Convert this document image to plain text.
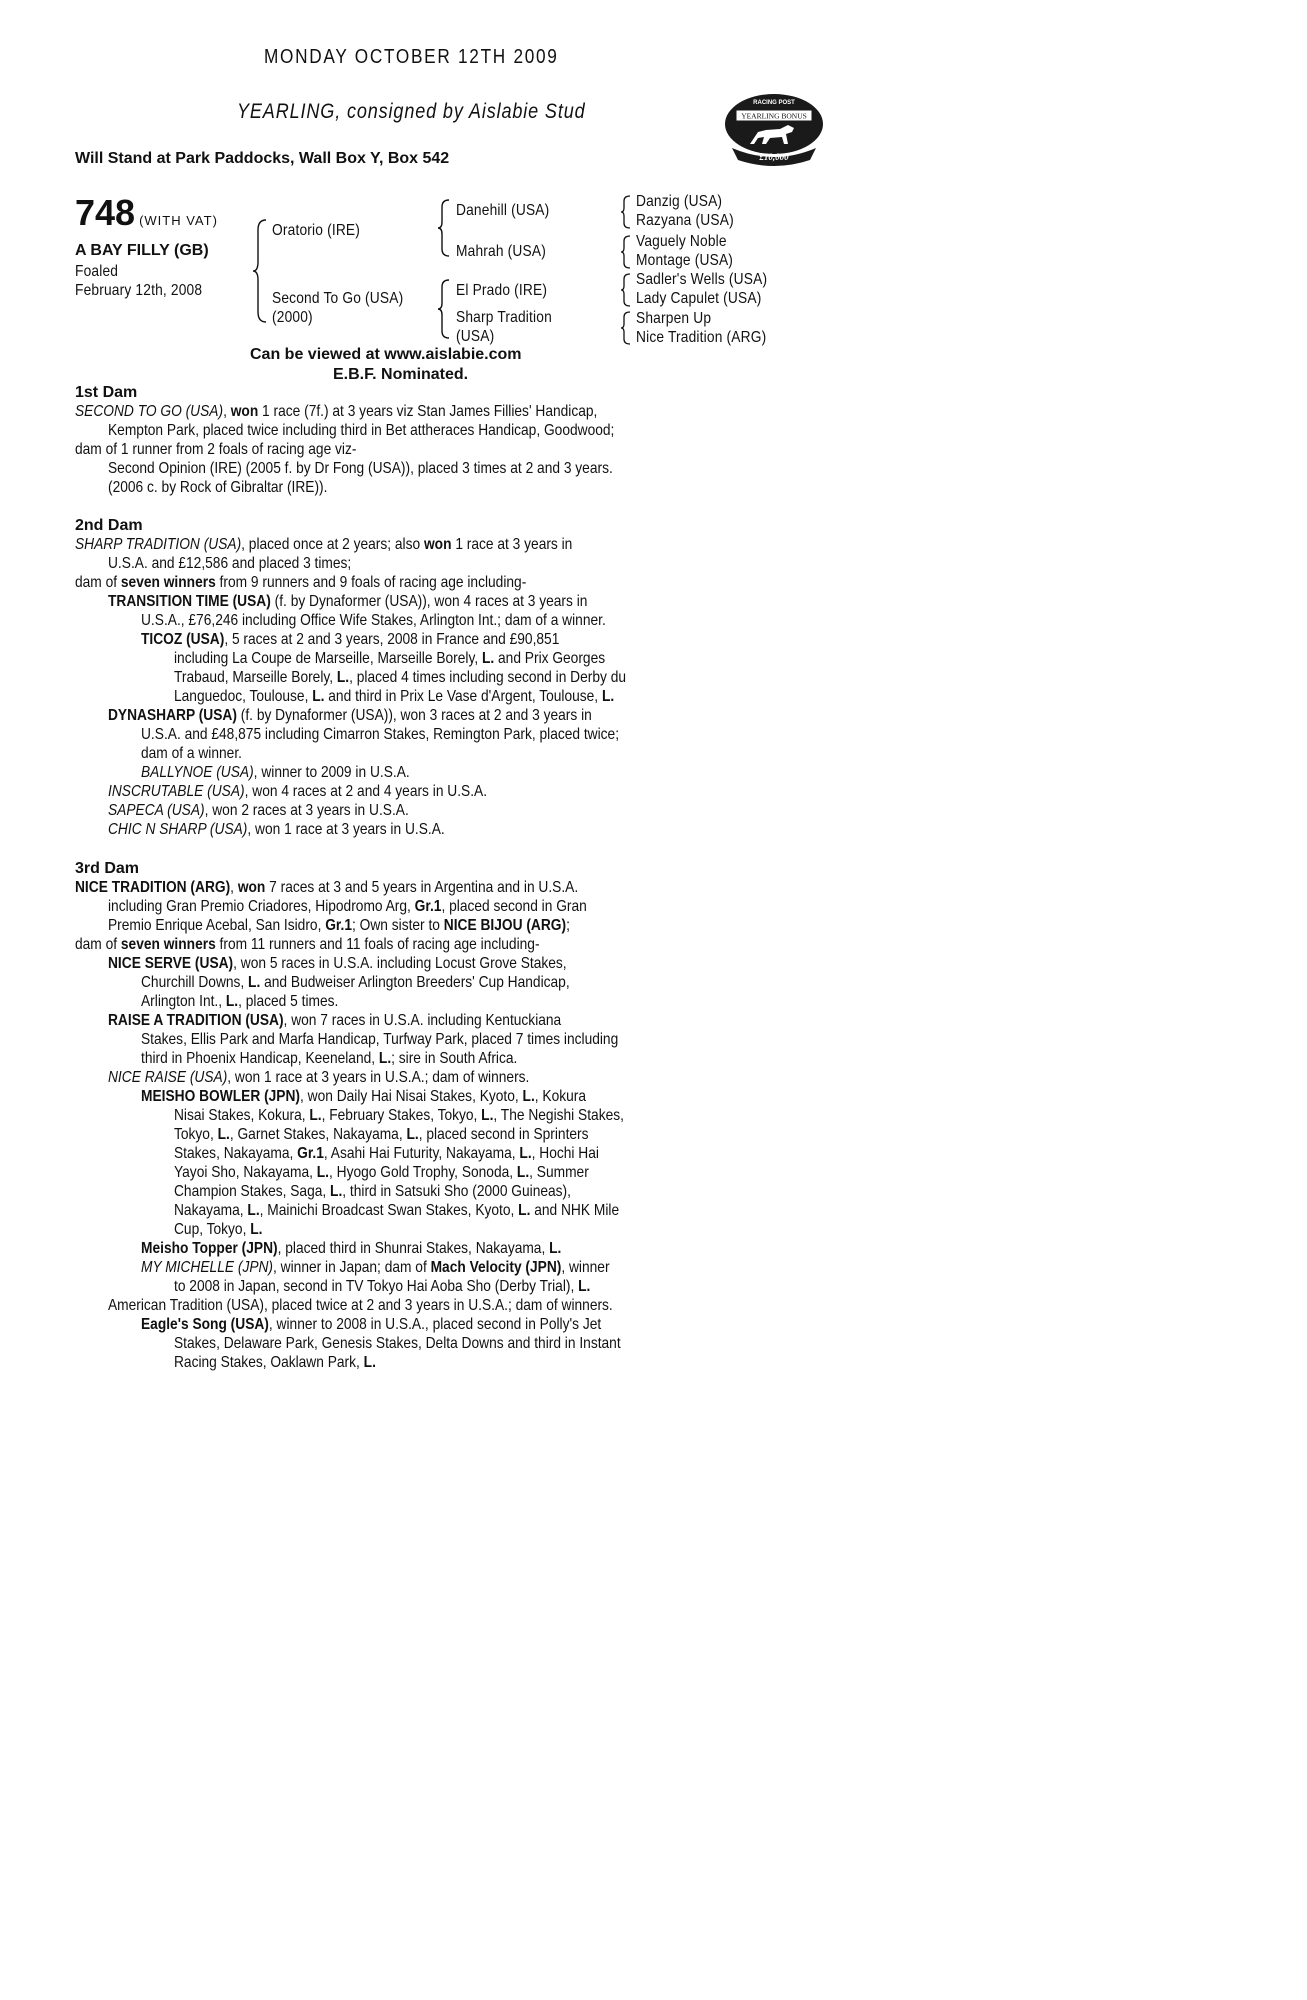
MONDAY OCTOBER 12TH 2009
YEARLING, consigned by Aislabie Stud
Will Stand at Park Paddocks, Wall Box Y, Box 542
RACING POST
YEARLING BONUS
£10,000
748 (WITH VAT)
A BAY FILLY (GB)
Foaled
February 12th, 2008
Oratorio (IRE)
Second To Go (USA)
(2000)
Danehill (USA)
Mahrah (USA)
El Prado (IRE)
Sharp Tradition
(USA)
Danzig (USA)
Razyana (USA)
Vaguely Noble
Montage (USA)
Sadler's Wells (USA)
Lady Capulet (USA)
Sharpen Up
Nice Tradition (ARG)
Can be viewed at www.aislabie.com
E.B.F. Nominated.
1st Dam
SECOND TO GO (USA), won 1 race (7f.) at 3 years viz Stan James Fillies' Handicap,
Kempton Park, placed twice including third in Bet attheraces Handicap, Goodwood;
dam of 1 runner from 2 foals of racing age viz-
Second Opinion (IRE) (2005 f. by Dr Fong (USA)), placed 3 times at 2 and 3 years.
(2006 c. by Rock of Gibraltar (IRE)).
2nd Dam
SHARP TRADITION (USA), placed once at 2 years; also won 1 race at 3 years in
U.S.A. and £12,586 and placed 3 times;
dam of seven winners from 9 runners and 9 foals of racing age including-
TRANSITION TIME (USA) (f. by Dynaformer (USA)), won 4 races at 3 years in
U.S.A., £76,246 including Office Wife Stakes, Arlington Int.; dam of a winner.
TICOZ (USA), 5 races at 2 and 3 years, 2008 in France and £90,851
including La Coupe de Marseille, Marseille Borely, L. and Prix Georges
Trabaud, Marseille Borely, L., placed 4 times including second in Derby du
Languedoc, Toulouse, L. and third in Prix Le Vase d'Argent, Toulouse, L.
DYNASHARP (USA) (f. by Dynaformer (USA)), won 3 races at 2 and 3 years in
U.S.A. and £48,875 including Cimarron Stakes, Remington Park, placed twice;
dam of a winner.
BALLYNOE (USA), winner to 2009 in U.S.A.
INSCRUTABLE (USA), won 4 races at 2 and 4 years in U.S.A.
SAPECA (USA), won 2 races at 3 years in U.S.A.
CHIC N SHARP (USA), won 1 race at 3 years in U.S.A.
3rd Dam
NICE TRADITION (ARG), won 7 races at 3 and 5 years in Argentina and in U.S.A.
including Gran Premio Criadores, Hipodromo Arg, Gr.1, placed second in Gran
Premio Enrique Acebal, San Isidro, Gr.1; Own sister to NICE BIJOU (ARG);
dam of seven winners from 11 runners and 11 foals of racing age including-
NICE SERVE (USA), won 5 races in U.S.A. including Locust Grove Stakes,
Churchill Downs, L. and Budweiser Arlington Breeders' Cup Handicap,
Arlington Int., L., placed 5 times.
RAISE A TRADITION (USA), won 7 races in U.S.A. including Kentuckiana
Stakes, Ellis Park and Marfa Handicap, Turfway Park, placed 7 times including
third in Phoenix Handicap, Keeneland, L.; sire in South Africa.
NICE RAISE (USA), won 1 race at 3 years in U.S.A.; dam of winners.
MEISHO BOWLER (JPN), won Daily Hai Nisai Stakes, Kyoto, L., Kokura
Nisai Stakes, Kokura, L., February Stakes, Tokyo, L., The Negishi Stakes,
Tokyo, L., Garnet Stakes, Nakayama, L., placed second in Sprinters
Stakes, Nakayama, Gr.1, Asahi Hai Futurity, Nakayama, L., Hochi Hai
Yayoi Sho, Nakayama, L., Hyogo Gold Trophy, Sonoda, L., Summer
Champion Stakes, Saga, L., third in Satsuki Sho (2000 Guineas),
Nakayama, L., Mainichi Broadcast Swan Stakes, Kyoto, L. and NHK Mile
Cup, Tokyo, L.
Meisho Topper (JPN), placed third in Shunrai Stakes, Nakayama, L.
MY MICHELLE (JPN), winner in Japan; dam of Mach Velocity (JPN), winner
to 2008 in Japan, second in TV Tokyo Hai Aoba Sho (Derby Trial), L.
American Tradition (USA), placed twice at 2 and 3 years in U.S.A.; dam of winners.
Eagle's Song (USA), winner to 2008 in U.S.A., placed second in Polly's Jet
Stakes, Delaware Park, Genesis Stakes, Delta Downs and third in Instant
Racing Stakes, Oaklawn Park, L.
